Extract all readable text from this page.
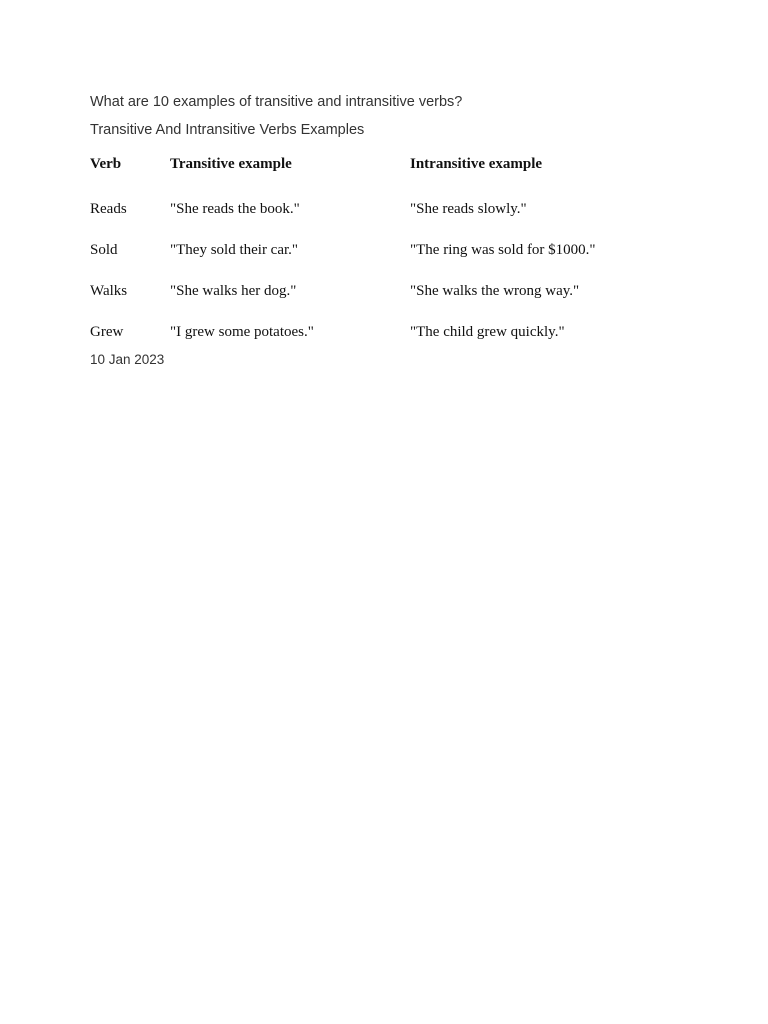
What are 10 examples of transitive and intransitive verbs?
Transitive And Intransitive Verbs Examples
Verb	Transitive example	Intransitive example
Reads	"She reads the book."	"She reads slowly."
Sold	"They sold their car."	"The ring was sold for $1000."
Walks	"She walks her dog."	"She walks the wrong way."
Grew	"I grew some potatoes."	"The child grew quickly."
10 Jan 2023
